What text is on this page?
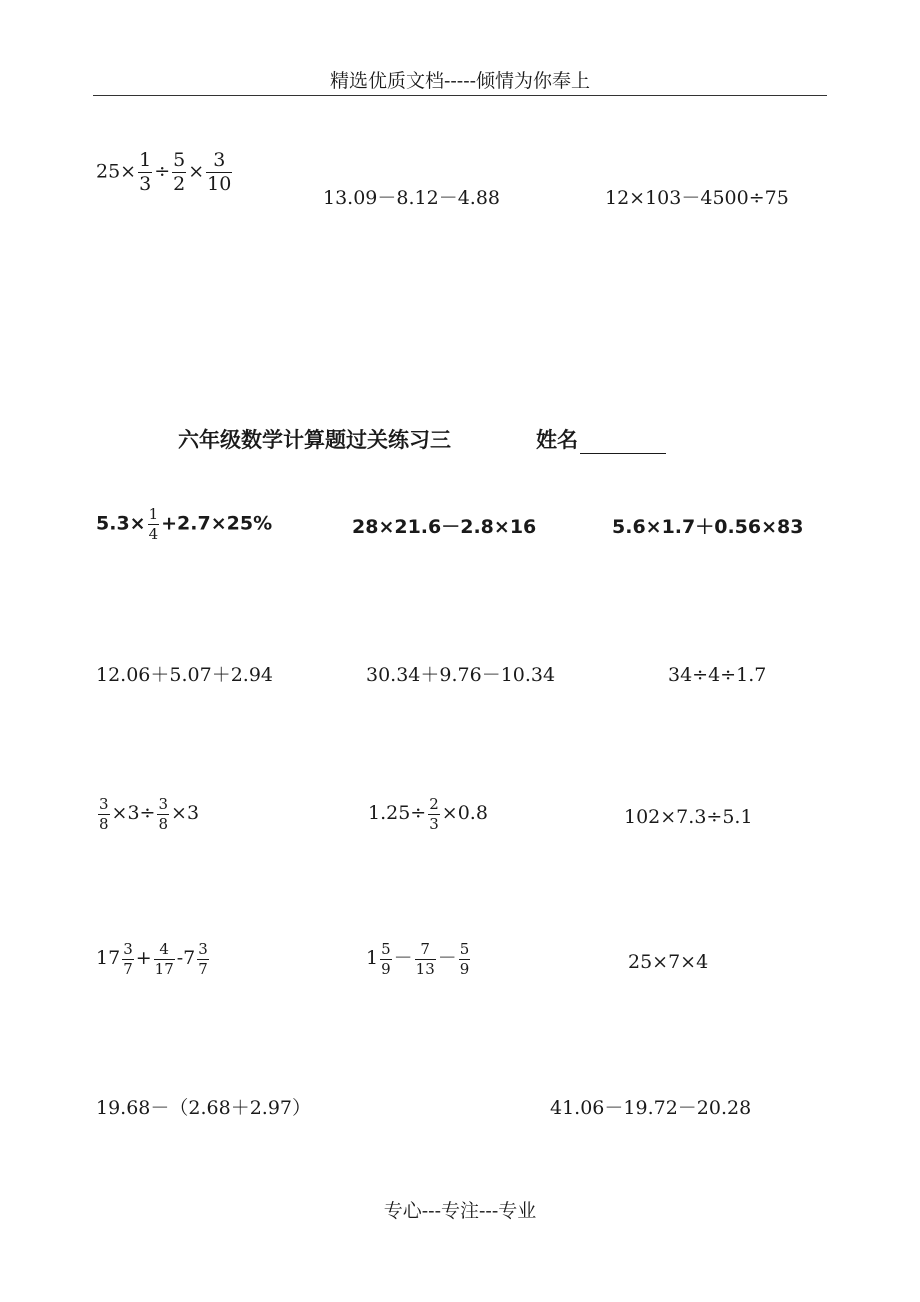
精选优质文档-----倾情为你奉上
$25\times \frac{1}{3} \div \frac{5}{2} \times \frac{3}{10}$
13.09－8.12－4.88	12×103－4500÷75
六年级数学计算题过关练习三	姓名
$5.3\times \frac{1}{4} +2.7\times 25\%$	28×21.6－2.8×16	5.6×1.7＋0.56×83
12.06＋5.07＋2.94	30.34＋9.76－10.34	34÷4÷1.7
$\frac{3}{8} \times 3\div \frac{3}{8} \times 3$	$1.25\div \frac{2}{3} \times 0.8$	102×7.3÷5.1
$17 \frac{3}{7} + \frac{4}{17} -7 \frac{3}{7}$	$1 \frac{5}{9} - \frac{7}{13} - \frac{5}{9}$	25×7×4
19.68－（2.68＋2.97）	41.06－19.72－20.28
专心---专注---专业
